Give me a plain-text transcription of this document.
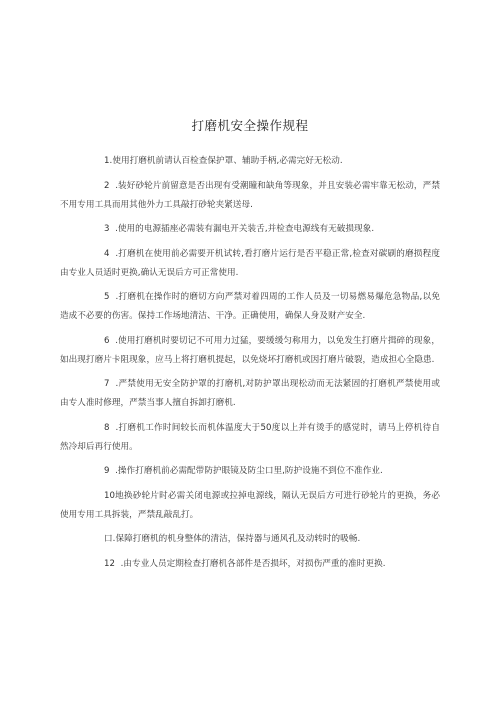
打磨机安全操作规程

1.使用打磨机前请认百检查保护罩、辅助手柄,必需完好无松动.

2 .装好砂轮片前留意是否出现有受潮瞳和缺角等现象，并且安装必需牢靠无松动，严禁不用专用工具而用其他外力工具敲打砂轮夹紧送母.

3 .使用的电源插座必需装有漏电开关装舌,并检查电源线有无破损现象.

4 .打磨机在使用前必需要开机试转,看打磨片运行是否平稳正常,检查对碳刷的磨损程度由专业人员适时更换,确认无误后方可正常使用.

5 .打磨机在操作时的磨切方向严禁对着四周的工作人员及一切易燃易爆危急物品,以免造成不必要的伤害。保持工作场地清洁、干净。正确使用，确保人身及财产安全.

6 .使用打磨机时要切记不可用力过猛，要缓缓匀称用力，以免发生打磨片揖碎的现象，如出现打磨片卡阻现象，应马上将打磨机提起，以免烧坏打磨机或因打磨片破裂，造成担心全隐患.

7 .严禁使用无安全防护罩的打磨机,对防护罩出现松动而无法紧固的打磨机严禁使用或由专人准时修理，严禁当事人擅自拆卸打磨机.

8 .打磨机工作时间较长而机体温度大于50度以上并有烫手的感觉时，请马上停机待自然冷却后再行使用。

9 .操作打磨机前必需配带防护眼镜及防尘口里,防护设施不到位不准作业.

10地换砂轮片时必需关闭电源或拉掉电源线，隔认无误后方可进行砂轮片的更换，务必使用专用工具拆装，严禁乱敲乱打。

口.保障打磨机的机身整体的清洁，保持器与通风孔及动转时的吸畅.

12 .由专业人员定期检查打磨机各部件是否损坏，对损伤严重的准时更换.
